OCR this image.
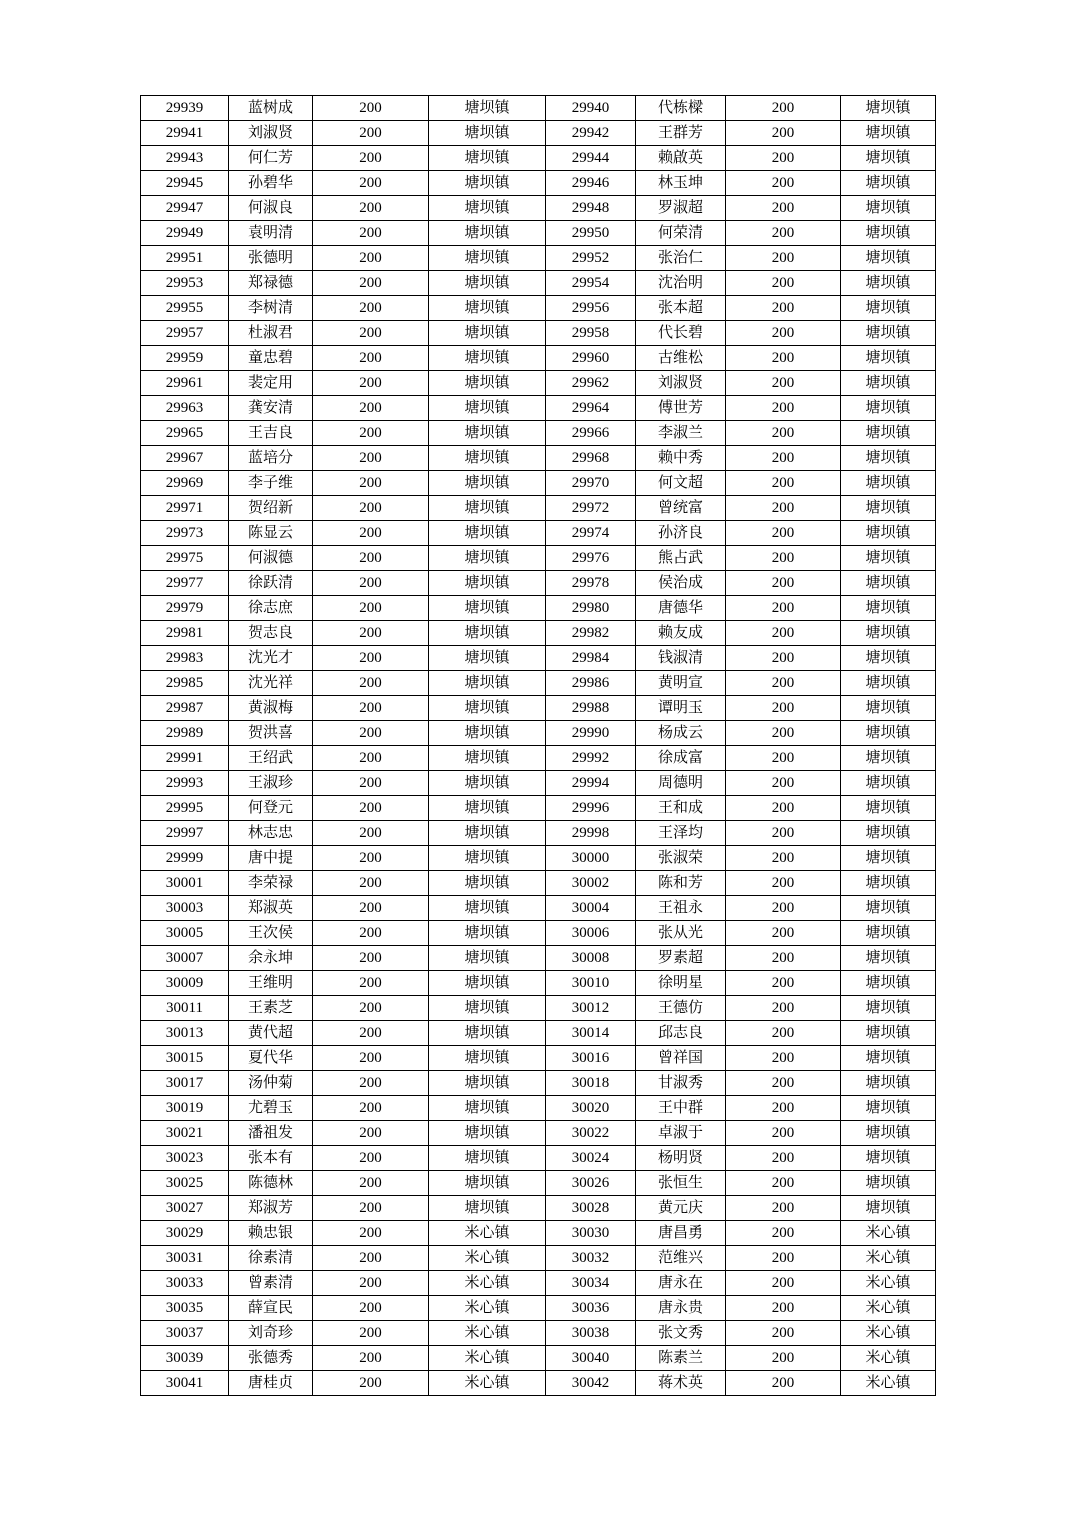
29939	蓝树成	200	塘坝镇	29940	代栋樑	200	塘坝镇
29941	刘淑贤	200	塘坝镇	29942	王群芳	200	塘坝镇
29943	何仁芳	200	塘坝镇	29944	赖啟英	200	塘坝镇
29945	孙碧华	200	塘坝镇	29946	林玉坤	200	塘坝镇
29947	何淑良	200	塘坝镇	29948	罗淑超	200	塘坝镇
29949	袁明清	200	塘坝镇	29950	何荣清	200	塘坝镇
29951	张德明	200	塘坝镇	29952	张治仁	200	塘坝镇
29953	郑禄德	200	塘坝镇	29954	沈治明	200	塘坝镇
29955	李树清	200	塘坝镇	29956	张本超	200	塘坝镇
29957	杜淑君	200	塘坝镇	29958	代长碧	200	塘坝镇
29959	童忠碧	200	塘坝镇	29960	古维松	200	塘坝镇
29961	裴定用	200	塘坝镇	29962	刘淑贤	200	塘坝镇
29963	龚安清	200	塘坝镇	29964	傅世芳	200	塘坝镇
29965	王吉良	200	塘坝镇	29966	李淑兰	200	塘坝镇
29967	蓝培分	200	塘坝镇	29968	赖中秀	200	塘坝镇
29969	李子维	200	塘坝镇	29970	何文超	200	塘坝镇
29971	贺绍新	200	塘坝镇	29972	曾统富	200	塘坝镇
29973	陈显云	200	塘坝镇	29974	孙济良	200	塘坝镇
29975	何淑德	200	塘坝镇	29976	熊占武	200	塘坝镇
29977	徐跃清	200	塘坝镇	29978	侯治成	200	塘坝镇
29979	徐志庶	200	塘坝镇	29980	唐德华	200	塘坝镇
29981	贺志良	200	塘坝镇	29982	赖友成	200	塘坝镇
29983	沈光才	200	塘坝镇	29984	钱淑清	200	塘坝镇
29985	沈光祥	200	塘坝镇	29986	黄明宣	200	塘坝镇
29987	黄淑梅	200	塘坝镇	29988	谭明玉	200	塘坝镇
29989	贺洪喜	200	塘坝镇	29990	杨成云	200	塘坝镇
29991	王绍武	200	塘坝镇	29992	徐成富	200	塘坝镇
29993	王淑珍	200	塘坝镇	29994	周德明	200	塘坝镇
29995	何登元	200	塘坝镇	29996	王和成	200	塘坝镇
29997	林志忠	200	塘坝镇	29998	王泽均	200	塘坝镇
29999	唐中提	200	塘坝镇	30000	张淑荣	200	塘坝镇
30001	李荣禄	200	塘坝镇	30002	陈和芳	200	塘坝镇
30003	郑淑英	200	塘坝镇	30004	王祖永	200	塘坝镇
30005	王次侯	200	塘坝镇	30006	张从光	200	塘坝镇
30007	余永坤	200	塘坝镇	30008	罗素超	200	塘坝镇
30009	王维明	200	塘坝镇	30010	徐明星	200	塘坝镇
30011	王素芝	200	塘坝镇	30012	王德仿	200	塘坝镇
30013	黄代超	200	塘坝镇	30014	邱志良	200	塘坝镇
30015	夏代华	200	塘坝镇	30016	曾祥国	200	塘坝镇
30017	汤仲菊	200	塘坝镇	30018	甘淑秀	200	塘坝镇
30019	尤碧玉	200	塘坝镇	30020	王中群	200	塘坝镇
30021	潘祖发	200	塘坝镇	30022	卓淑于	200	塘坝镇
30023	张本有	200	塘坝镇	30024	杨明贤	200	塘坝镇
30025	陈德林	200	塘坝镇	30026	张恒生	200	塘坝镇
30027	郑淑芳	200	塘坝镇	30028	黄元庆	200	塘坝镇
30029	赖忠银	200	米心镇	30030	唐昌勇	200	米心镇
30031	徐素清	200	米心镇	30032	范维兴	200	米心镇
30033	曾素清	200	米心镇	30034	唐永在	200	米心镇
30035	薛宣民	200	米心镇	30036	唐永贵	200	米心镇
30037	刘奇珍	200	米心镇	30038	张文秀	200	米心镇
30039	张德秀	200	米心镇	30040	陈素兰	200	米心镇
30041	唐桂贞	200	米心镇	30042	蒋术英	200	米心镇
